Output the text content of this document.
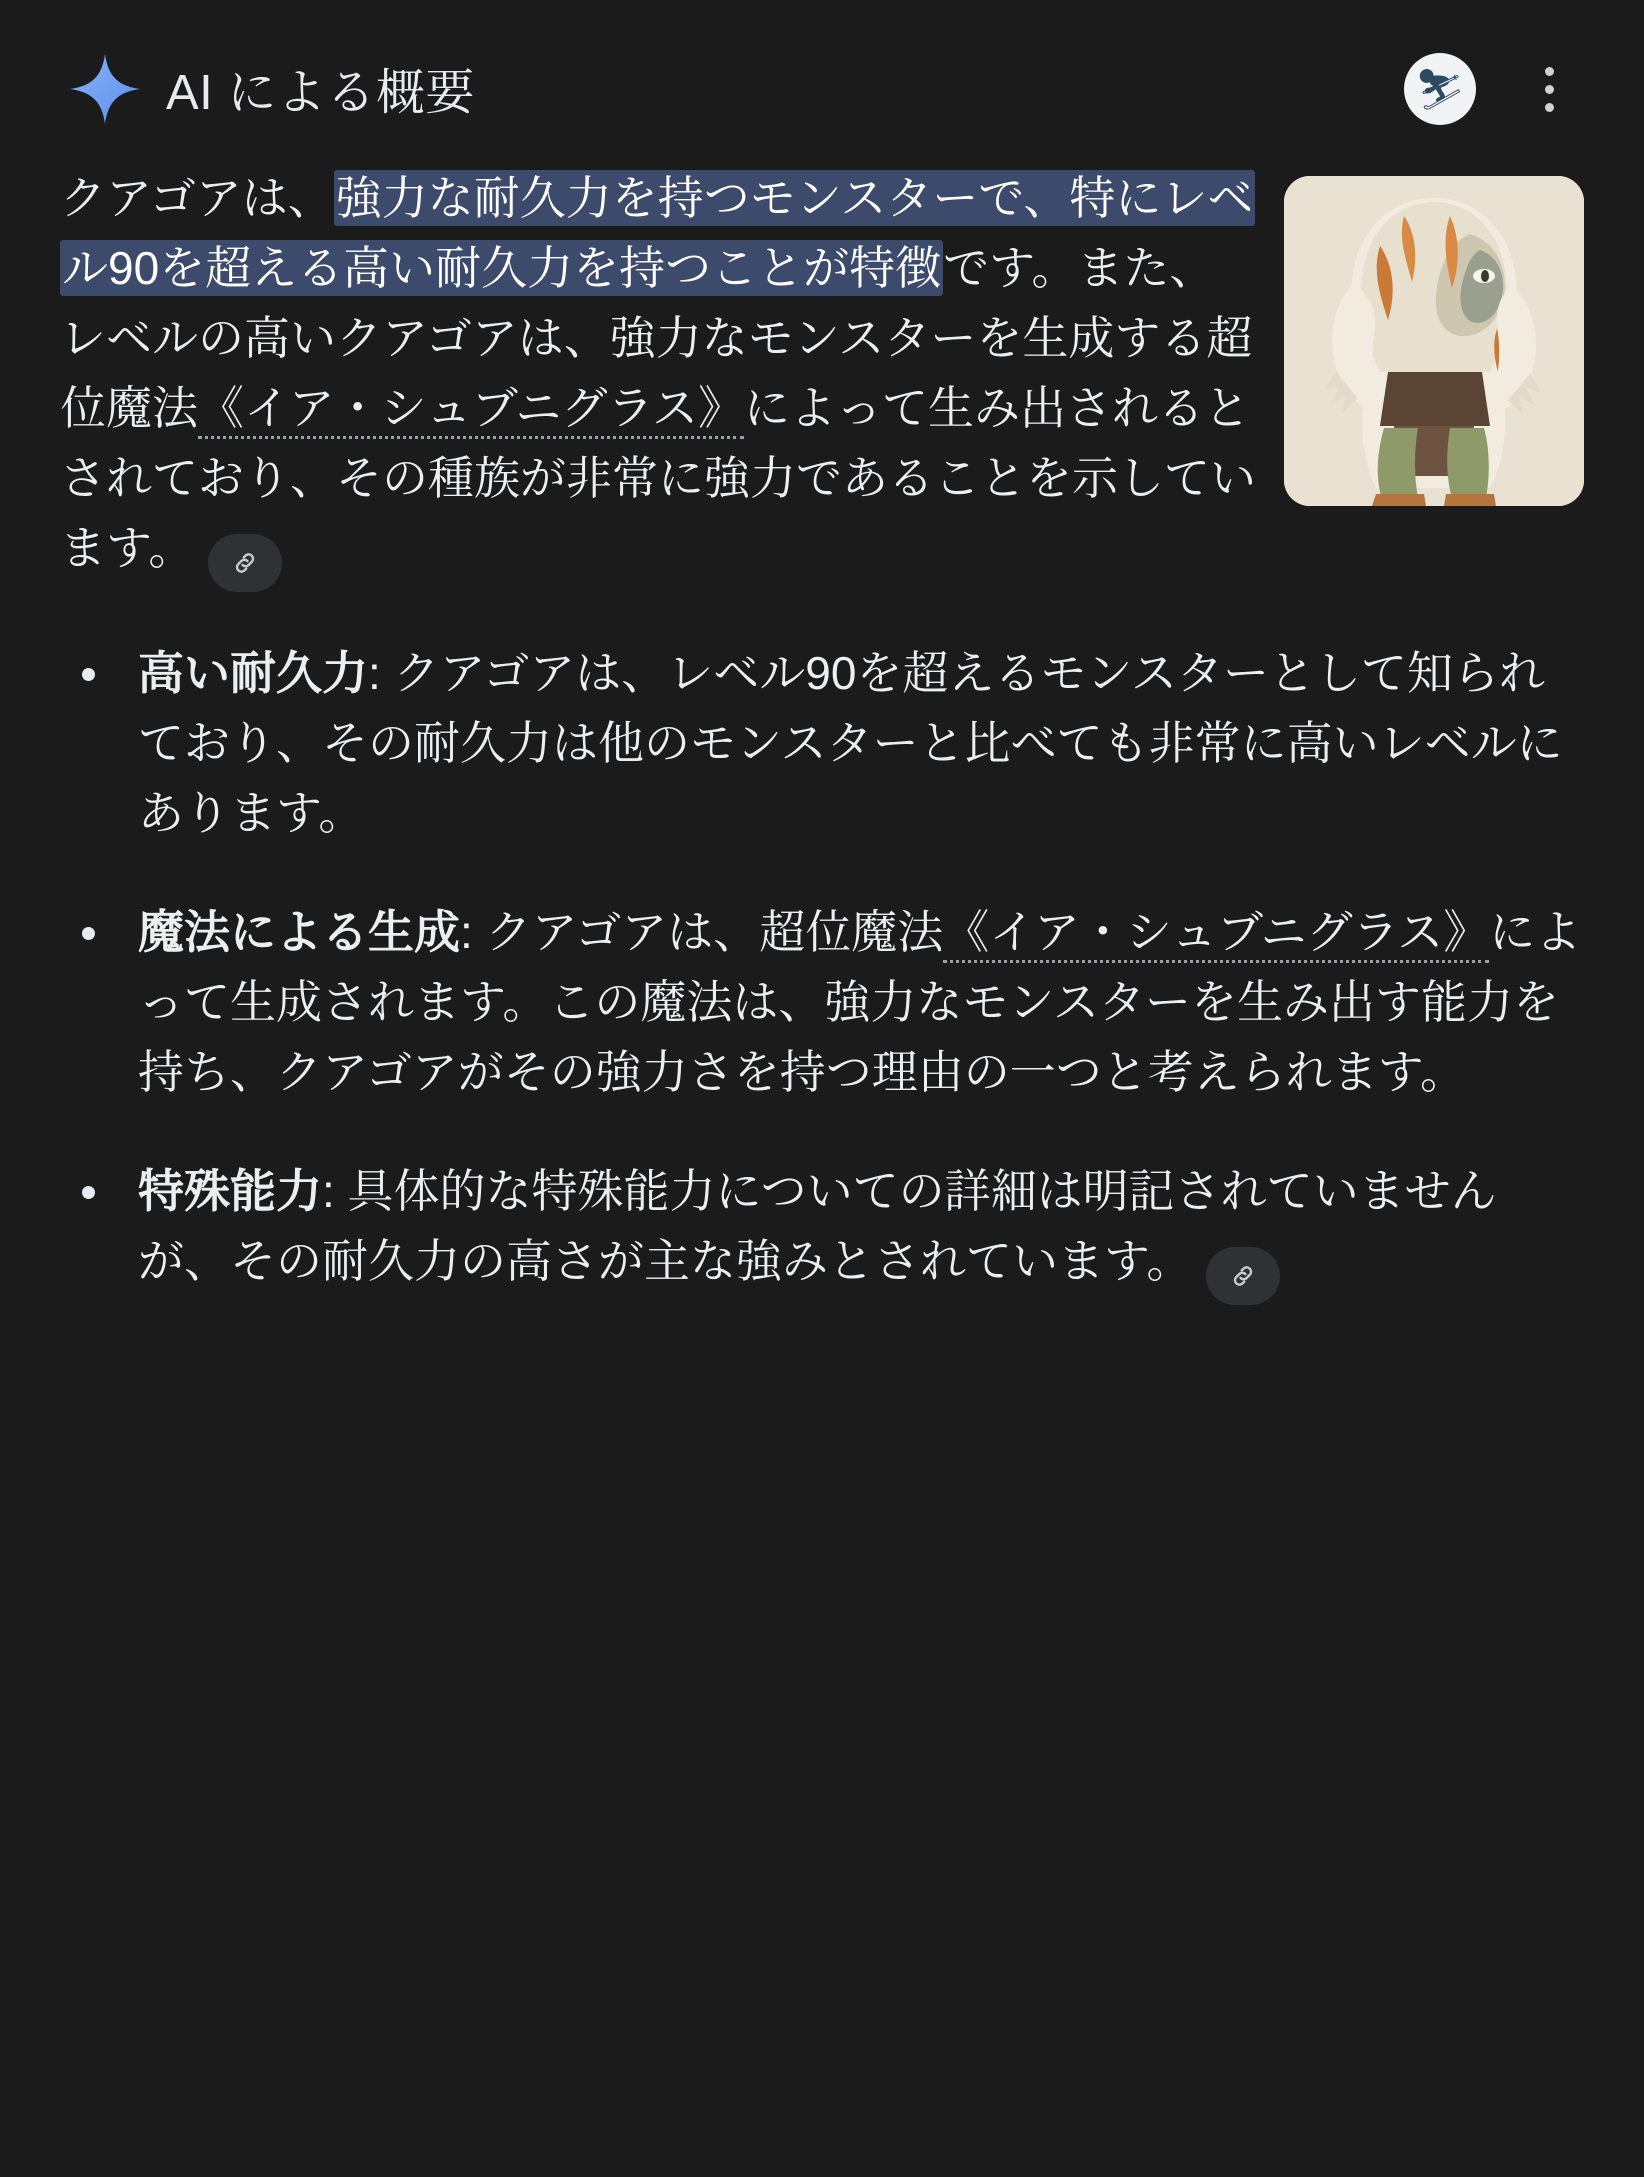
AI による概要	⛷

クアゴアは、強力な耐久力を持つモンスターで、特にレベル90を超える高い耐久力を持つことが特徴です。また、レベルの高いクアゴアは、強力なモンスターを生成する超位魔法《イア・シュブニグラス》によって生み出されるとされており、その種族が非常に強力であることを示しています。

高い耐久力: クアゴアは、レベル90を超えるモンスターとして知られており、その耐久力は他のモンスターと比べても非常に高いレベルにあります。
魔法による生成: クアゴアは、超位魔法《イア・シュブニグラス》によって生成されます。この魔法は、強力なモンスターを生み出す能力を持ち、クアゴアがその強力さを持つ理由の一つと考えられます。
特殊能力: 具体的な特殊能力についての詳細は明記されていませんが、その耐久力の高さが主な強みとされています。
